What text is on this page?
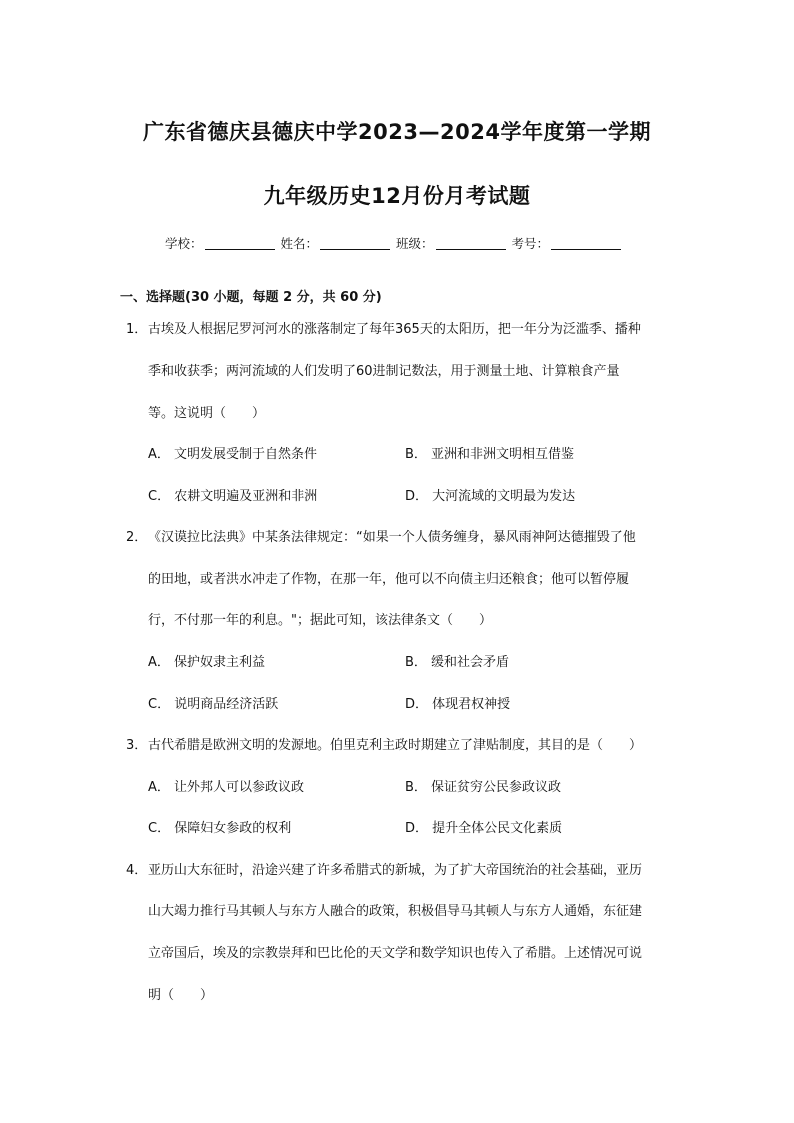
广东省德庆县德庆中学2023—2024学年度第一学期
九年级历史12月份月考试题
学校：	姓名：	班级：	考号：
一、选择题(30 小题，每题 2 分，共 60 分)
1．古埃及人根据尼罗河河水的涨落制定了每年365天的太阳历，把一年分为泛滥季、播种
季和收获季；两河流域的人们发明了60进制记数法，用于测量土地、计算粮食产量
等。这说明（　　）
A． 文明发展受制于自然条件	B． 亚洲和非洲文明相互借鉴
C． 农耕文明遍及亚洲和非洲	D． 大河流域的文明最为发达
2．《汉谟拉比法典》中某条法律规定：“如果一个人债务缠身，暴风雨神阿达德摧毁了他
的田地，或者洪水冲走了作物，在那一年，他可以不向债主归还粮食；他可以暂停履
行，不付那一年的利息。"；据此可知，该法律条文（　　）
A． 保护奴隶主利益	B． 缓和社会矛盾
C． 说明商品经济活跃	D． 体现君权神授
3．古代希腊是欧洲文明的发源地。伯里克利主政时期建立了津贴制度，其目的是（　　）
A． 让外邦人可以参政议政	B． 保证贫穷公民参政议政
C． 保障妇女参政的权利	D． 提升全体公民文化素质
4．亚历山大东征时，沿途兴建了许多希腊式的新城，为了扩大帝国统治的社会基础，亚历
山大竭力推行马其顿人与东方人融合的政策，积极倡导马其顿人与东方人通婚，东征建
立帝国后，埃及的宗教崇拜和巴比伦的天文学和数学知识也传入了希腊。上述情况可说
明（　　）
